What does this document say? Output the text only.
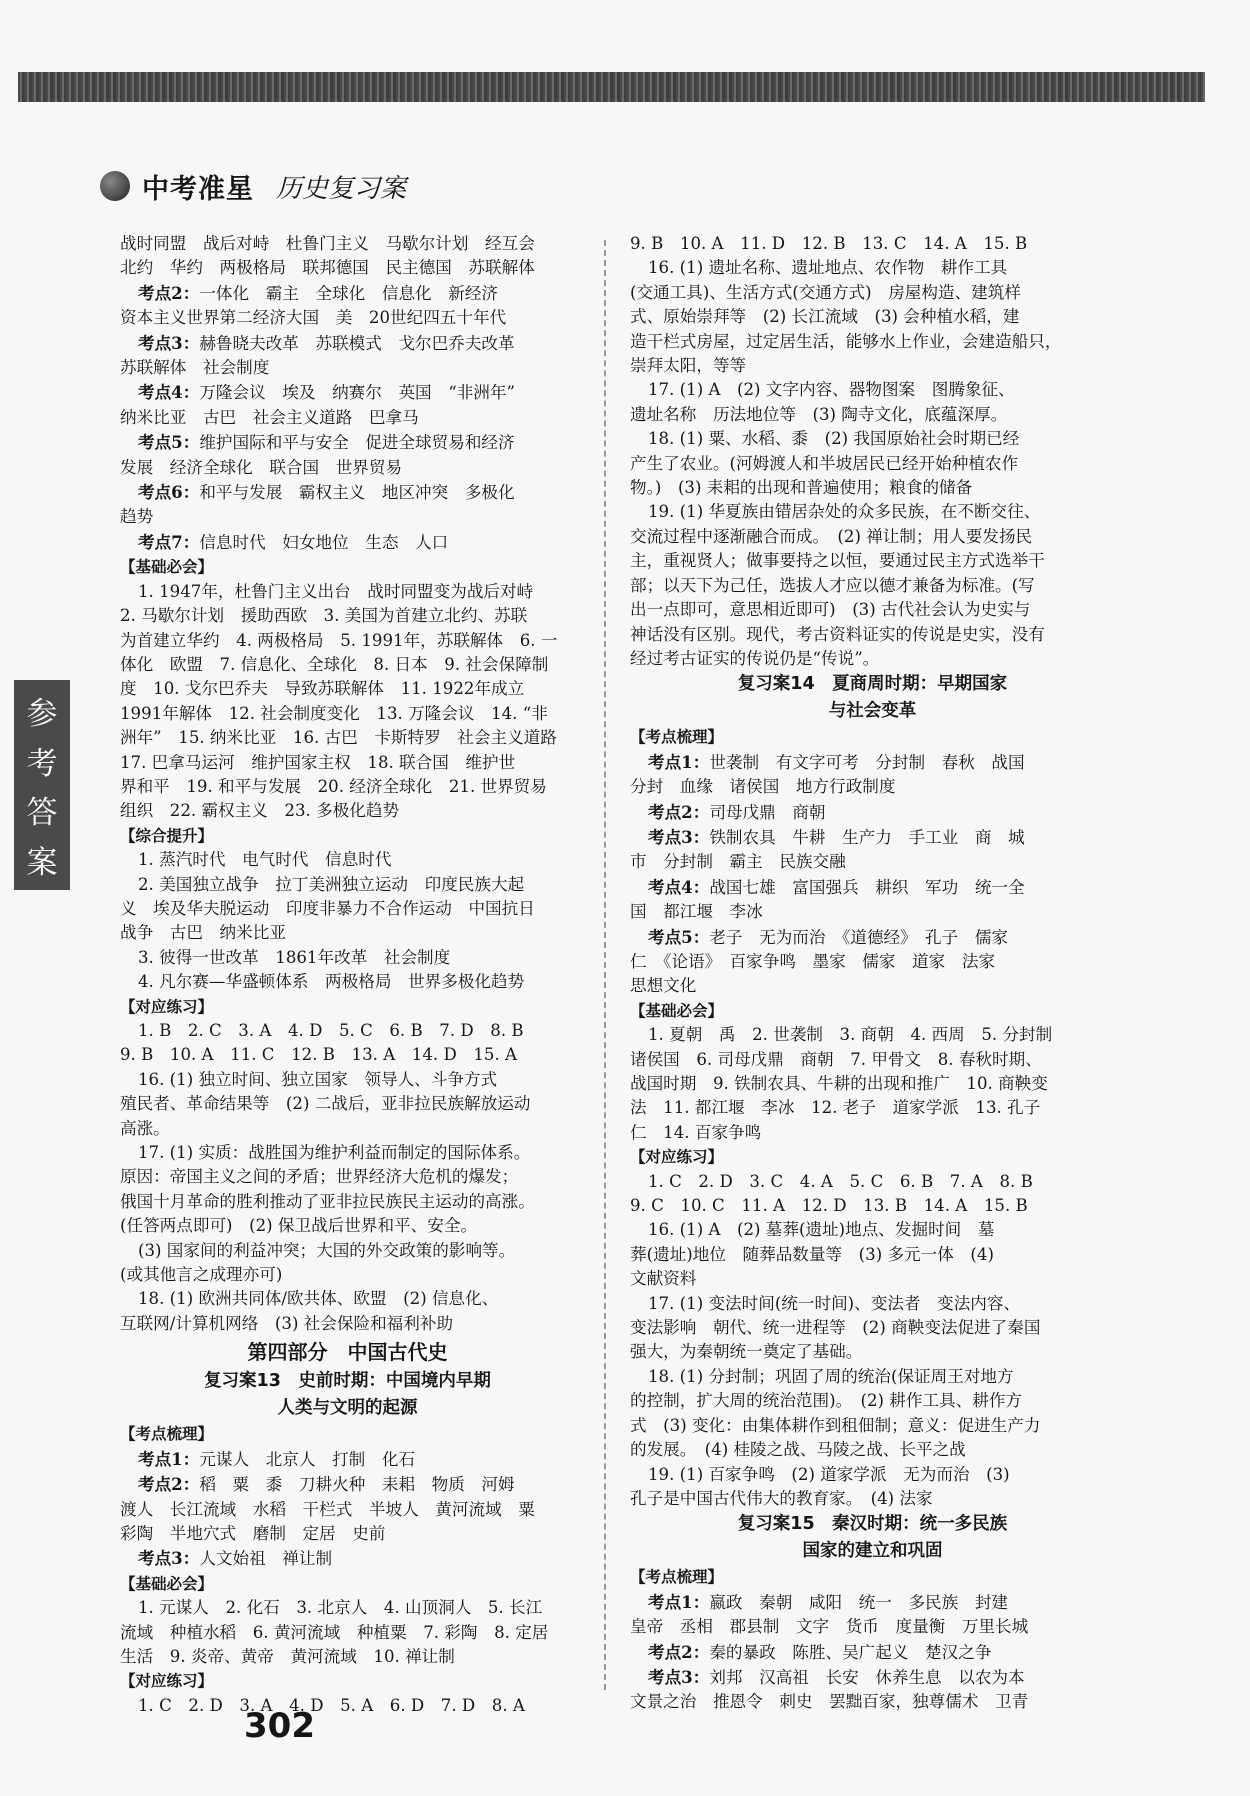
中考准星 历史复习案
参
考
答
案
战时同盟　战后对峙　杜鲁门主义　马歇尔计划　经互会
北约　华约　两极格局　联邦德国　民主德国　苏联解体
考点2：一体化　霸主　全球化　信息化　新经济
资本主义世界第二经济大国　美　20世纪四五十年代
考点3：赫鲁晓夫改革　苏联模式　戈尔巴乔夫改革
苏联解体　社会制度
考点4：万隆会议　埃及　纳赛尔　英国　“非洲年”
纳米比亚　古巴　社会主义道路　巴拿马
考点5：维护国际和平与安全　促进全球贸易和经济
发展　经济全球化　联合国　世界贸易
考点6：和平与发展　霸权主义　地区冲突　多极化
趋势
考点7：信息时代　妇女地位　生态　人口
【基础必会】
1. 1947年，杜鲁门主义出台　战时同盟变为战后对峙
2. 马歇尔计划　援助西欧　3. 美国为首建立北约、苏联
为首建立华约　4. 两极格局　5. 1991年，苏联解体　6. 一
体化　欧盟　7. 信息化、全球化　8. 日本　9. 社会保障制
度　10. 戈尔巴乔夫　导致苏联解体　11. 1922年成立
1991年解体　12. 社会制度变化　13. 万隆会议　14. “非
洲年”　15. 纳米比亚　16. 古巴　卡斯特罗　社会主义道路
17. 巴拿马运河　维护国家主权　18. 联合国　维护世
界和平　19. 和平与发展　20. 经济全球化　21. 世界贸易
组织　22. 霸权主义　23. 多极化趋势
【综合提升】
1. 蒸汽时代　电气时代　信息时代
2. 美国独立战争　拉丁美洲独立运动　印度民族大起
义　埃及华夫脱运动　印度非暴力不合作运动　中国抗日
战争　古巴　纳米比亚
3. 彼得一世改革　1861年改革　社会制度
4. 凡尔赛—华盛顿体系　两极格局　世界多极化趋势
【对应练习】
1. B　2. C　3. A　4. D　5. C　6. B　7. D　8. B
9. B　10. A　11. C　12. B　13. A　14. D　15. A
16. (1) 独立时间、独立国家　领导人、斗争方式
殖民者、革命结果等　(2) 二战后，亚非拉民族解放运动
高涨。
17. (1) 实质：战胜国为维护利益而制定的国际体系。
原因：帝国主义之间的矛盾；世界经济大危机的爆发；
俄国十月革命的胜利推动了亚非拉民族民主运动的高涨。
(任答两点即可)　(2) 保卫战后世界和平、安全。
(3) 国家间的利益冲突；大国的外交政策的影响等。
(或其他言之成理亦可)
18. (1) 欧洲共同体/欧共体、欧盟　(2) 信息化、
互联网/计算机网络　(3) 社会保险和福利补助
第四部分　中国古代史
复习案13　史前时期：中国境内早期
人类与文明的起源
【考点梳理】
考点1：元谋人　北京人　打制　化石
考点2：稻　粟　黍　刀耕火种　耒耜　物质　河姆
渡人　长江流域　水稻　干栏式　半坡人　黄河流域　粟
彩陶　半地穴式　磨制　定居　史前
考点3：人文始祖　禅让制
【基础必会】
1. 元谋人　2. 化石　3. 北京人　4. 山顶洞人　5. 长江
流域　种植水稻　6. 黄河流域　种植粟　7. 彩陶　8. 定居
生活　9. 炎帝、黄帝　黄河流域　10. 禅让制
【对应练习】
1. C　2. D　3. A　4. D　5. A　6. D　7. D　8. A
9. B　10. A　11. D　12. B　13. C　14. A　15. B
16. (1) 遗址名称、遗址地点、农作物　耕作工具
(交通工具)、生活方式(交通方式)　房屋构造、建筑样
式、原始崇拜等　(2) 长江流域　(3) 会种植水稻，建
造干栏式房屋，过定居生活，能够水上作业，会建造船只，
崇拜太阳，等等
17. (1) A　(2) 文字内容、器物图案　图腾象征、
遗址名称　历法地位等　(3) 陶寺文化，底蕴深厚。
18. (1) 粟、水稻、黍　(2) 我国原始社会时期已经
产生了农业。(河姆渡人和半坡居民已经开始种植农作
物。)　(3) 耒耜的出现和普遍使用；粮食的储备
19. (1) 华夏族由错居杂处的众多民族，在不断交往、
交流过程中逐渐融合而成。　(2) 禅让制；用人要发扬民
主，重视贤人；做事要持之以恒，要通过民主方式选举干
部；以天下为己任，选拔人才应以德才兼备为标准。(写
出一点即可，意思相近即可)　(3) 古代社会认为史实与
神话没有区别。现代，考古资料证实的传说是史实，没有
经过考古证实的传说仍是“传说”。
复习案14　夏商周时期：早期国家
与社会变革
【考点梳理】
考点1：世袭制　有文字可考　分封制　春秋　战国
分封　血缘　诸侯国　地方行政制度
考点2：司母戊鼎　商朝
考点3：铁制农具　牛耕　生产力　手工业　商　城
市　分封制　霸主　民族交融
考点4：战国七雄　富国强兵　耕织　军功　统一全
国　都江堰　李冰
考点5：老子　无为而治　《道德经》　孔子　儒家
仁　《论语》　百家争鸣　墨家　儒家　道家　法家
思想文化
【基础必会】
1. 夏朝　禹　2. 世袭制　3. 商朝　4. 西周　5. 分封制
诸侯国　6. 司母戊鼎　商朝　7. 甲骨文　8. 春秋时期、
战国时期　9. 铁制农具、牛耕的出现和推广　10. 商鞅变
法　11. 都江堰　李冰　12. 老子　道家学派　13. 孔子
仁　14. 百家争鸣
【对应练习】
1. C　2. D　3. C　4. A　5. C　6. B　7. A　8. B
9. C　10. C　11. A　12. D　13. B　14. A　15. B
16. (1) A　(2) 墓葬(遗址)地点、发掘时间　墓
葬(遗址)地位　随葬品数量等　(3) 多元一体　(4)
文献资料
17. (1) 变法时间(统一时间)、变法者　变法内容、
变法影响　朝代、统一进程等　(2) 商鞅变法促进了秦国
强大，为秦朝统一奠定了基础。
18. (1) 分封制；巩固了周的统治(保证周王对地方
的控制，扩大周的统治范围)。　(2) 耕作工具、耕作方
式　(3) 变化：由集体耕作到租佃制；意义：促进生产力
的发展。　(4) 桂陵之战、马陵之战、长平之战
19. (1) 百家争鸣　(2) 道家学派　无为而治　(3)
孔子是中国古代伟大的教育家。　(4) 法家
复习案15　秦汉时期：统一多民族
国家的建立和巩固
【考点梳理】
考点1：嬴政　秦朝　咸阳　统一　多民族　封建
皇帝　丞相　郡县制　文字　货币　度量衡　万里长城
考点2：秦的暴政　陈胜、吴广起义　楚汉之争
考点3：刘邦　汉高祖　长安　休养生息　以农为本
文景之治　推恩令　刺史　罢黜百家，独尊儒术　卫青
302
